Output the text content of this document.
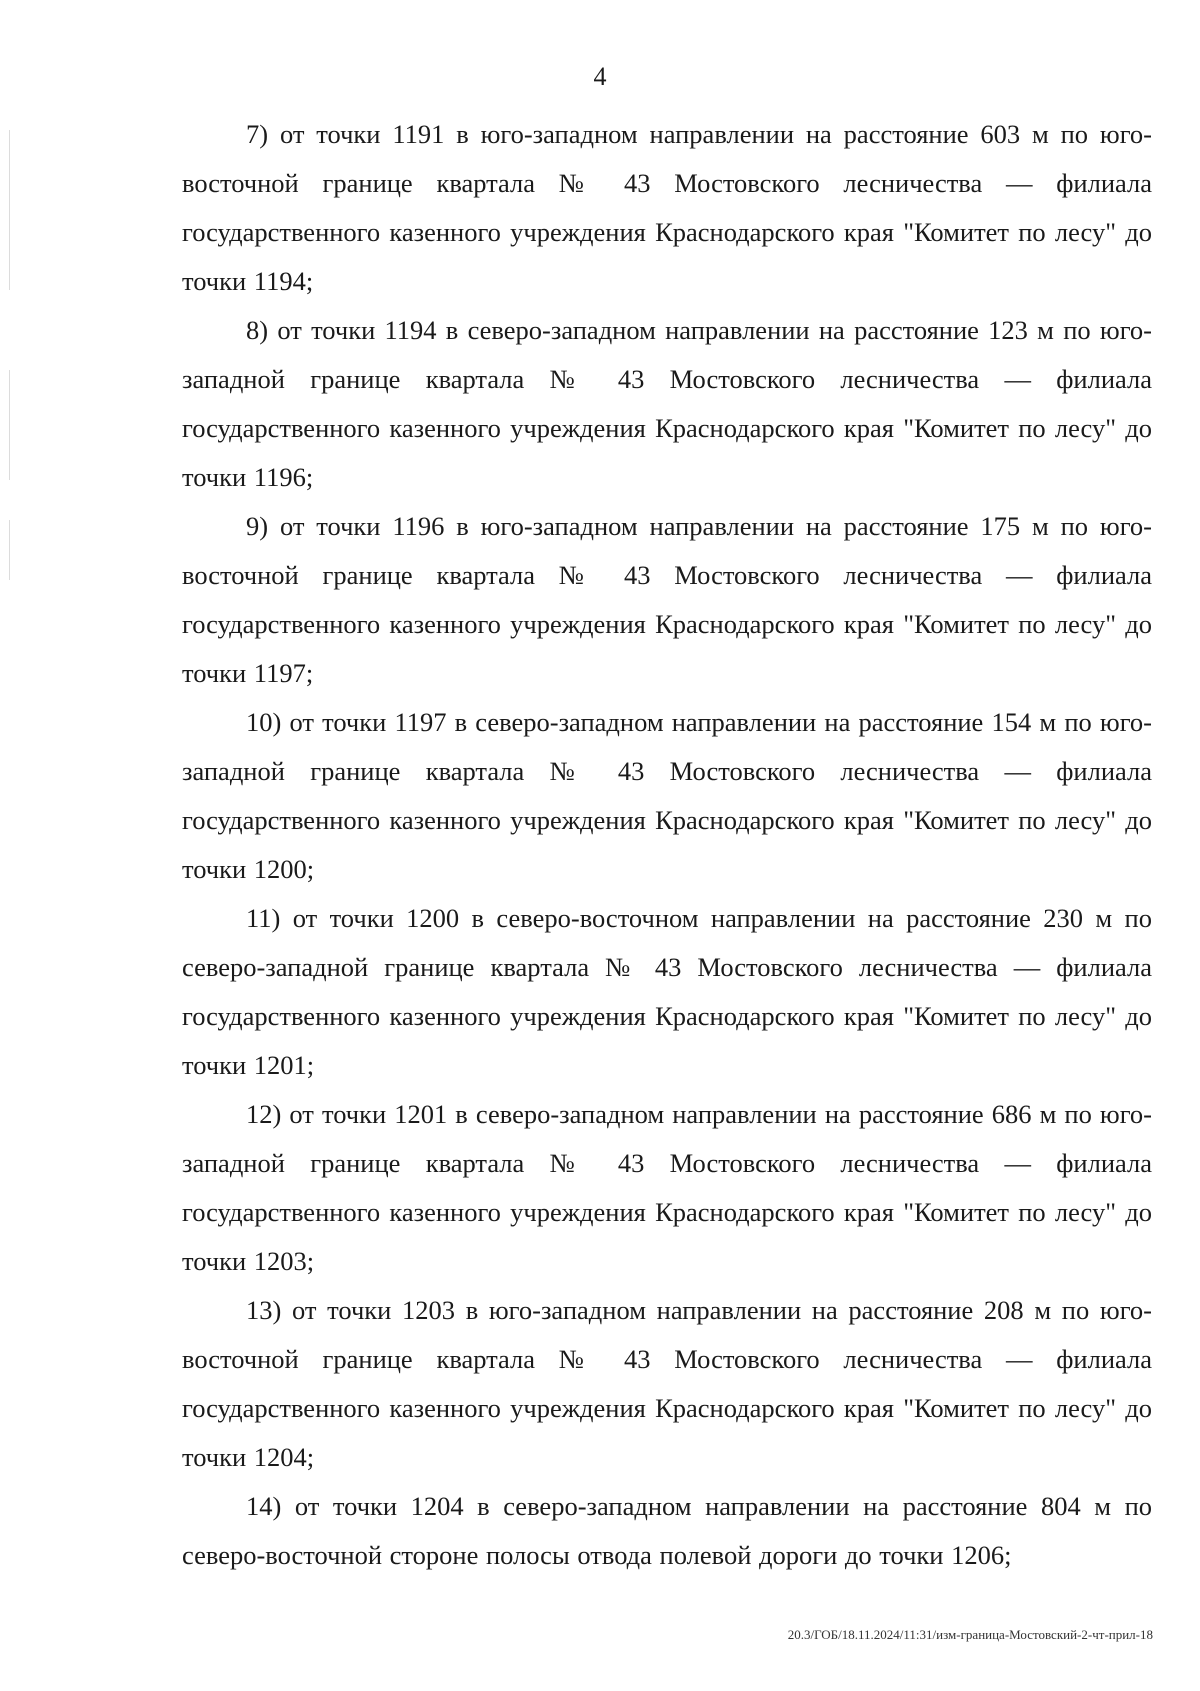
4

7) от точки 1191 в юго-западном направлении на расстояние 603 м по юго-восточной границе квартала № 43 Мостовского лесничества — филиала государственного казенного учреждения Краснодарского края "Комитет по лесу" до точки 1194;

8) от точки 1194 в северо-западном направлении на расстояние 123 м по юго-западной границе квартала № 43 Мостовского лесничества — филиала государственного казенного учреждения Краснодарского края "Комитет по лесу" до точки 1196;

9) от точки 1196 в юго-западном направлении на расстояние 175 м по юго-восточной границе квартала № 43 Мостовского лесничества — филиала государственного казенного учреждения Краснодарского края "Комитет по лесу" до точки 1197;

10) от точки 1197 в северо-западном направлении на расстояние 154 м по юго-западной границе квартала № 43 Мостовского лесничества — филиала государственного казенного учреждения Краснодарского края "Комитет по лесу" до точки 1200;

11) от точки 1200 в северо-восточном направлении на расстояние 230 м по северо-западной границе квартала № 43 Мостовского лесничества — филиала государственного казенного учреждения Краснодарского края "Комитет по лесу" до точки 1201;

12) от точки 1201 в северо-западном направлении на расстояние 686 м по юго-западной границе квартала № 43 Мостовского лесничества — филиала государственного казенного учреждения Краснодарского края "Комитет по лесу" до точки 1203;

13) от точки 1203 в юго-западном направлении на расстояние 208 м по юго-восточной границе квартала № 43 Мостовского лесничества — филиала государственного казенного учреждения Краснодарского края "Комитет по лесу" до точки 1204;

14) от точки 1204 в северо-западном направлении на расстояние 804 м по северо-восточной стороне полосы отвода полевой дороги до точки 1206;

20.3/ГОБ/18.11.2024/11:31/изм-граница-Мостовский-2-чт-прил-18
